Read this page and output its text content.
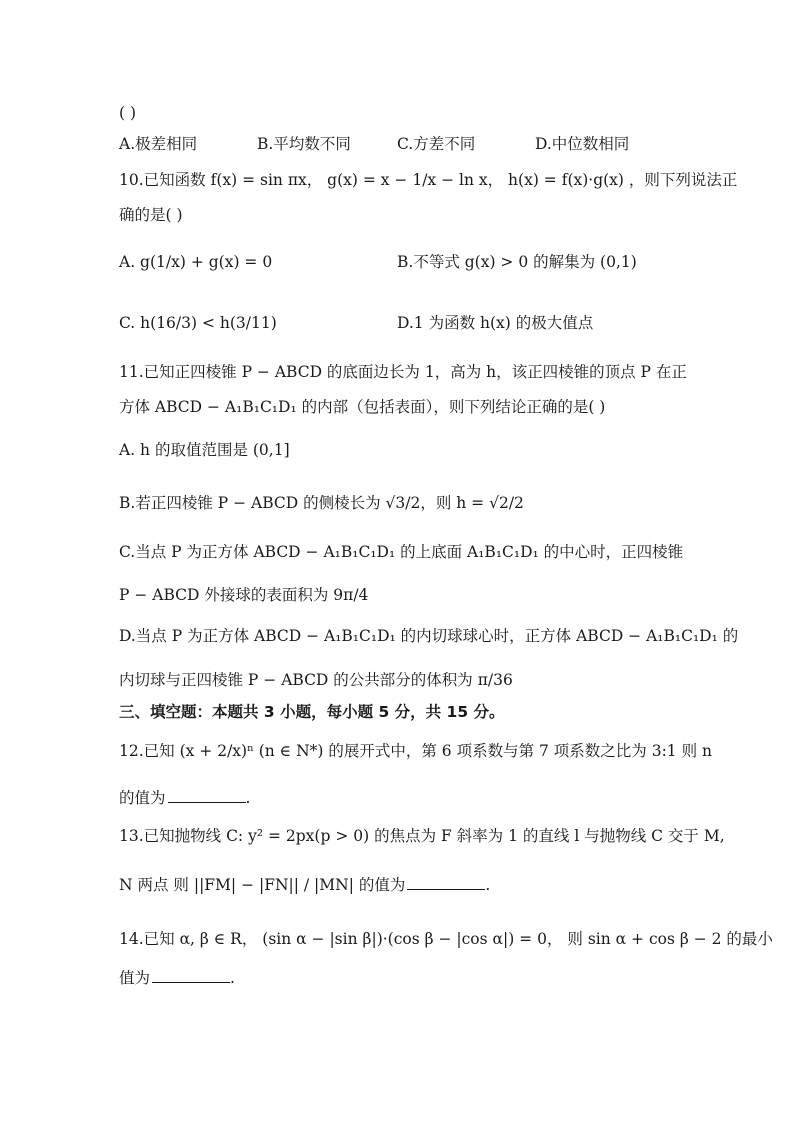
( )
A.极差相同	B.平均数不同	C.方差不同	D.中位数相同
10.已知函数 f(x) = sin πx， g(x) = x − 1/x − ln x， h(x) = f(x)·g(x) ，则下列说法正
确的是( )
A. g(1/x) + g(x) = 0	B.不等式 g(x) > 0 的解集为 (0,1)
C. h(16/3) < h(3/11)	D.1 为函数 h(x) 的极大值点
11.已知正四棱锥 P − ABCD 的底面边长为 1，高为 h，该正四棱锥的顶点 P 在正
方体 ABCD − A₁B₁C₁D₁ 的内部（包括表面），则下列结论正确的是( )
A. h 的取值范围是 (0,1]
B.若正四棱锥 P − ABCD 的侧棱长为 √3/2，则 h = √2/2
C.当点 P 为正方体 ABCD − A₁B₁C₁D₁ 的上底面 A₁B₁C₁D₁ 的中心时，正四棱锥
P − ABCD 外接球的表面积为 9π/4
D.当点 P 为正方体 ABCD − A₁B₁C₁D₁ 的内切球球心时，正方体 ABCD − A₁B₁C₁D₁ 的
内切球与正四棱锥 P − ABCD 的公共部分的体积为 π/36
三、填空题：本题共 3 小题，每小题 5 分，共 15 分。
12.已知 (x + 2/x)ⁿ (n ∈ N*) 的展开式中，第 6 项系数与第 7 项系数之比为 3:1 则 n
的值为	.
13.已知抛物线 C: y² = 2px(p > 0) 的焦点为 F 斜率为 1 的直线 l 与抛物线 C 交于 M,
N 两点 则 ||FM| − |FN|| / |MN| 的值为	.
14.已知 α, β ∈ R， (sin α − |sin β|)·(cos β − |cos α|) = 0， 则 sin α + cos β − 2 的最小
值为	.
